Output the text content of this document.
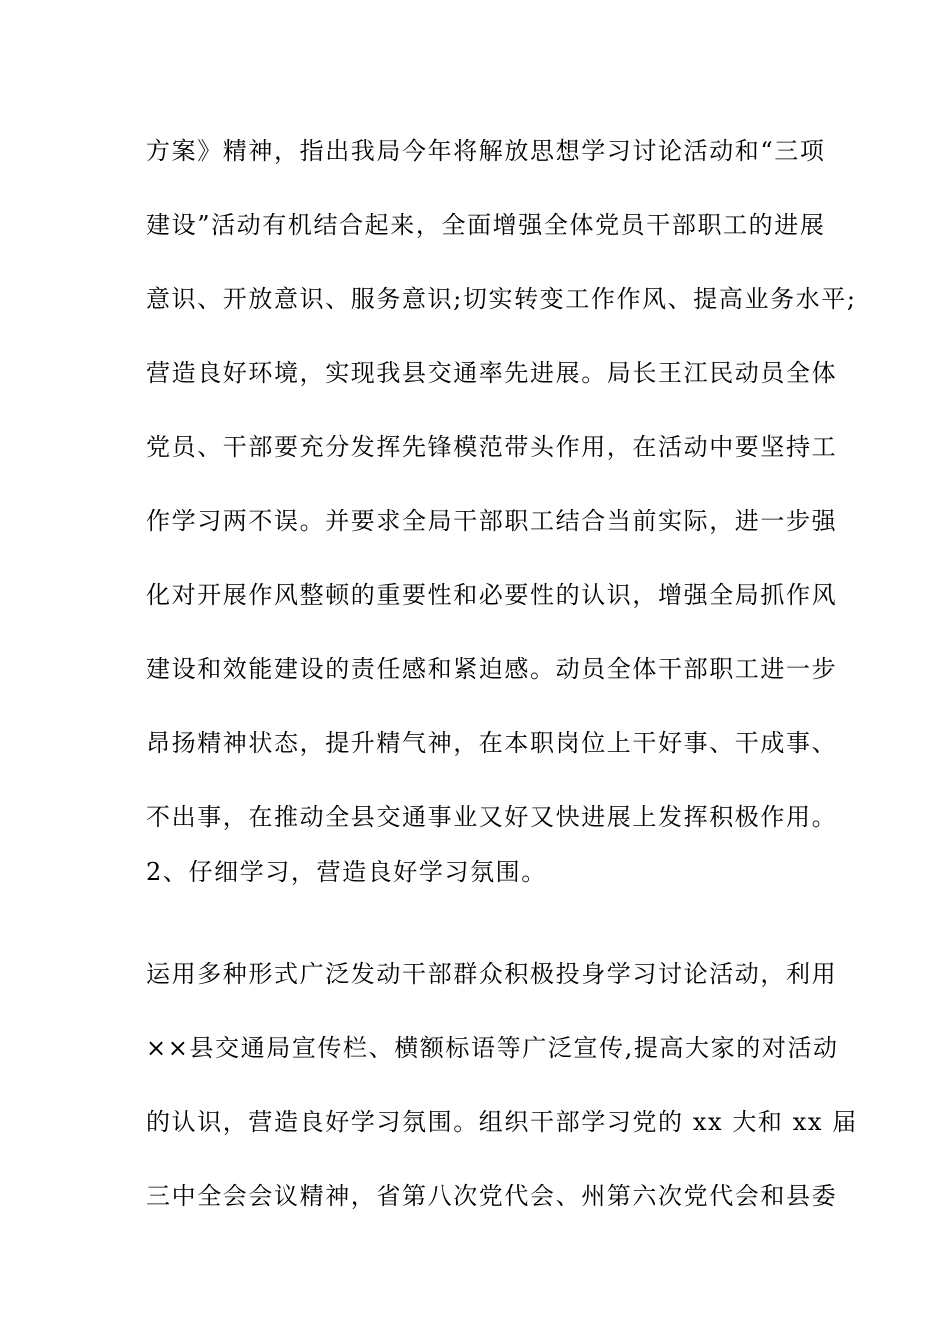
方案》精神，指出我局今年将解放思想学习讨论活动和“三项
建设”活动有机结合起来，全面增强全体党员干部职工的进展
意识、开放意识、服务意识;切实转变工作作风、提高业务水平;
营造良好环境，实现我县交通率先进展。局长王江民动员全体
党员、干部要充分发挥先锋模范带头作用，在活动中要坚持工
作学习两不误。并要求全局干部职工结合当前实际，进一步强
化对开展作风整顿的重要性和必要性的认识，增强全局抓作风
建设和效能建设的责任感和紧迫感。动员全体干部职工进一步
昂扬精神状态，提升精气神，在本职岗位上干好事、干成事、
不出事，在推动全县交通事业又好又快进展上发挥积极作用。
2、仔细学习，营造良好学习氛围。
运用多种形式广泛发动干部群众积极投身学习讨论活动，利用
××县交通局宣传栏、横额标语等广泛宣传,提高大家的对活动
的认识，营造良好学习氛围。组织干部学习党的 xx 大和 xx 届
三中全会会议精神，省第八次党代会、州第六次党代会和县委
